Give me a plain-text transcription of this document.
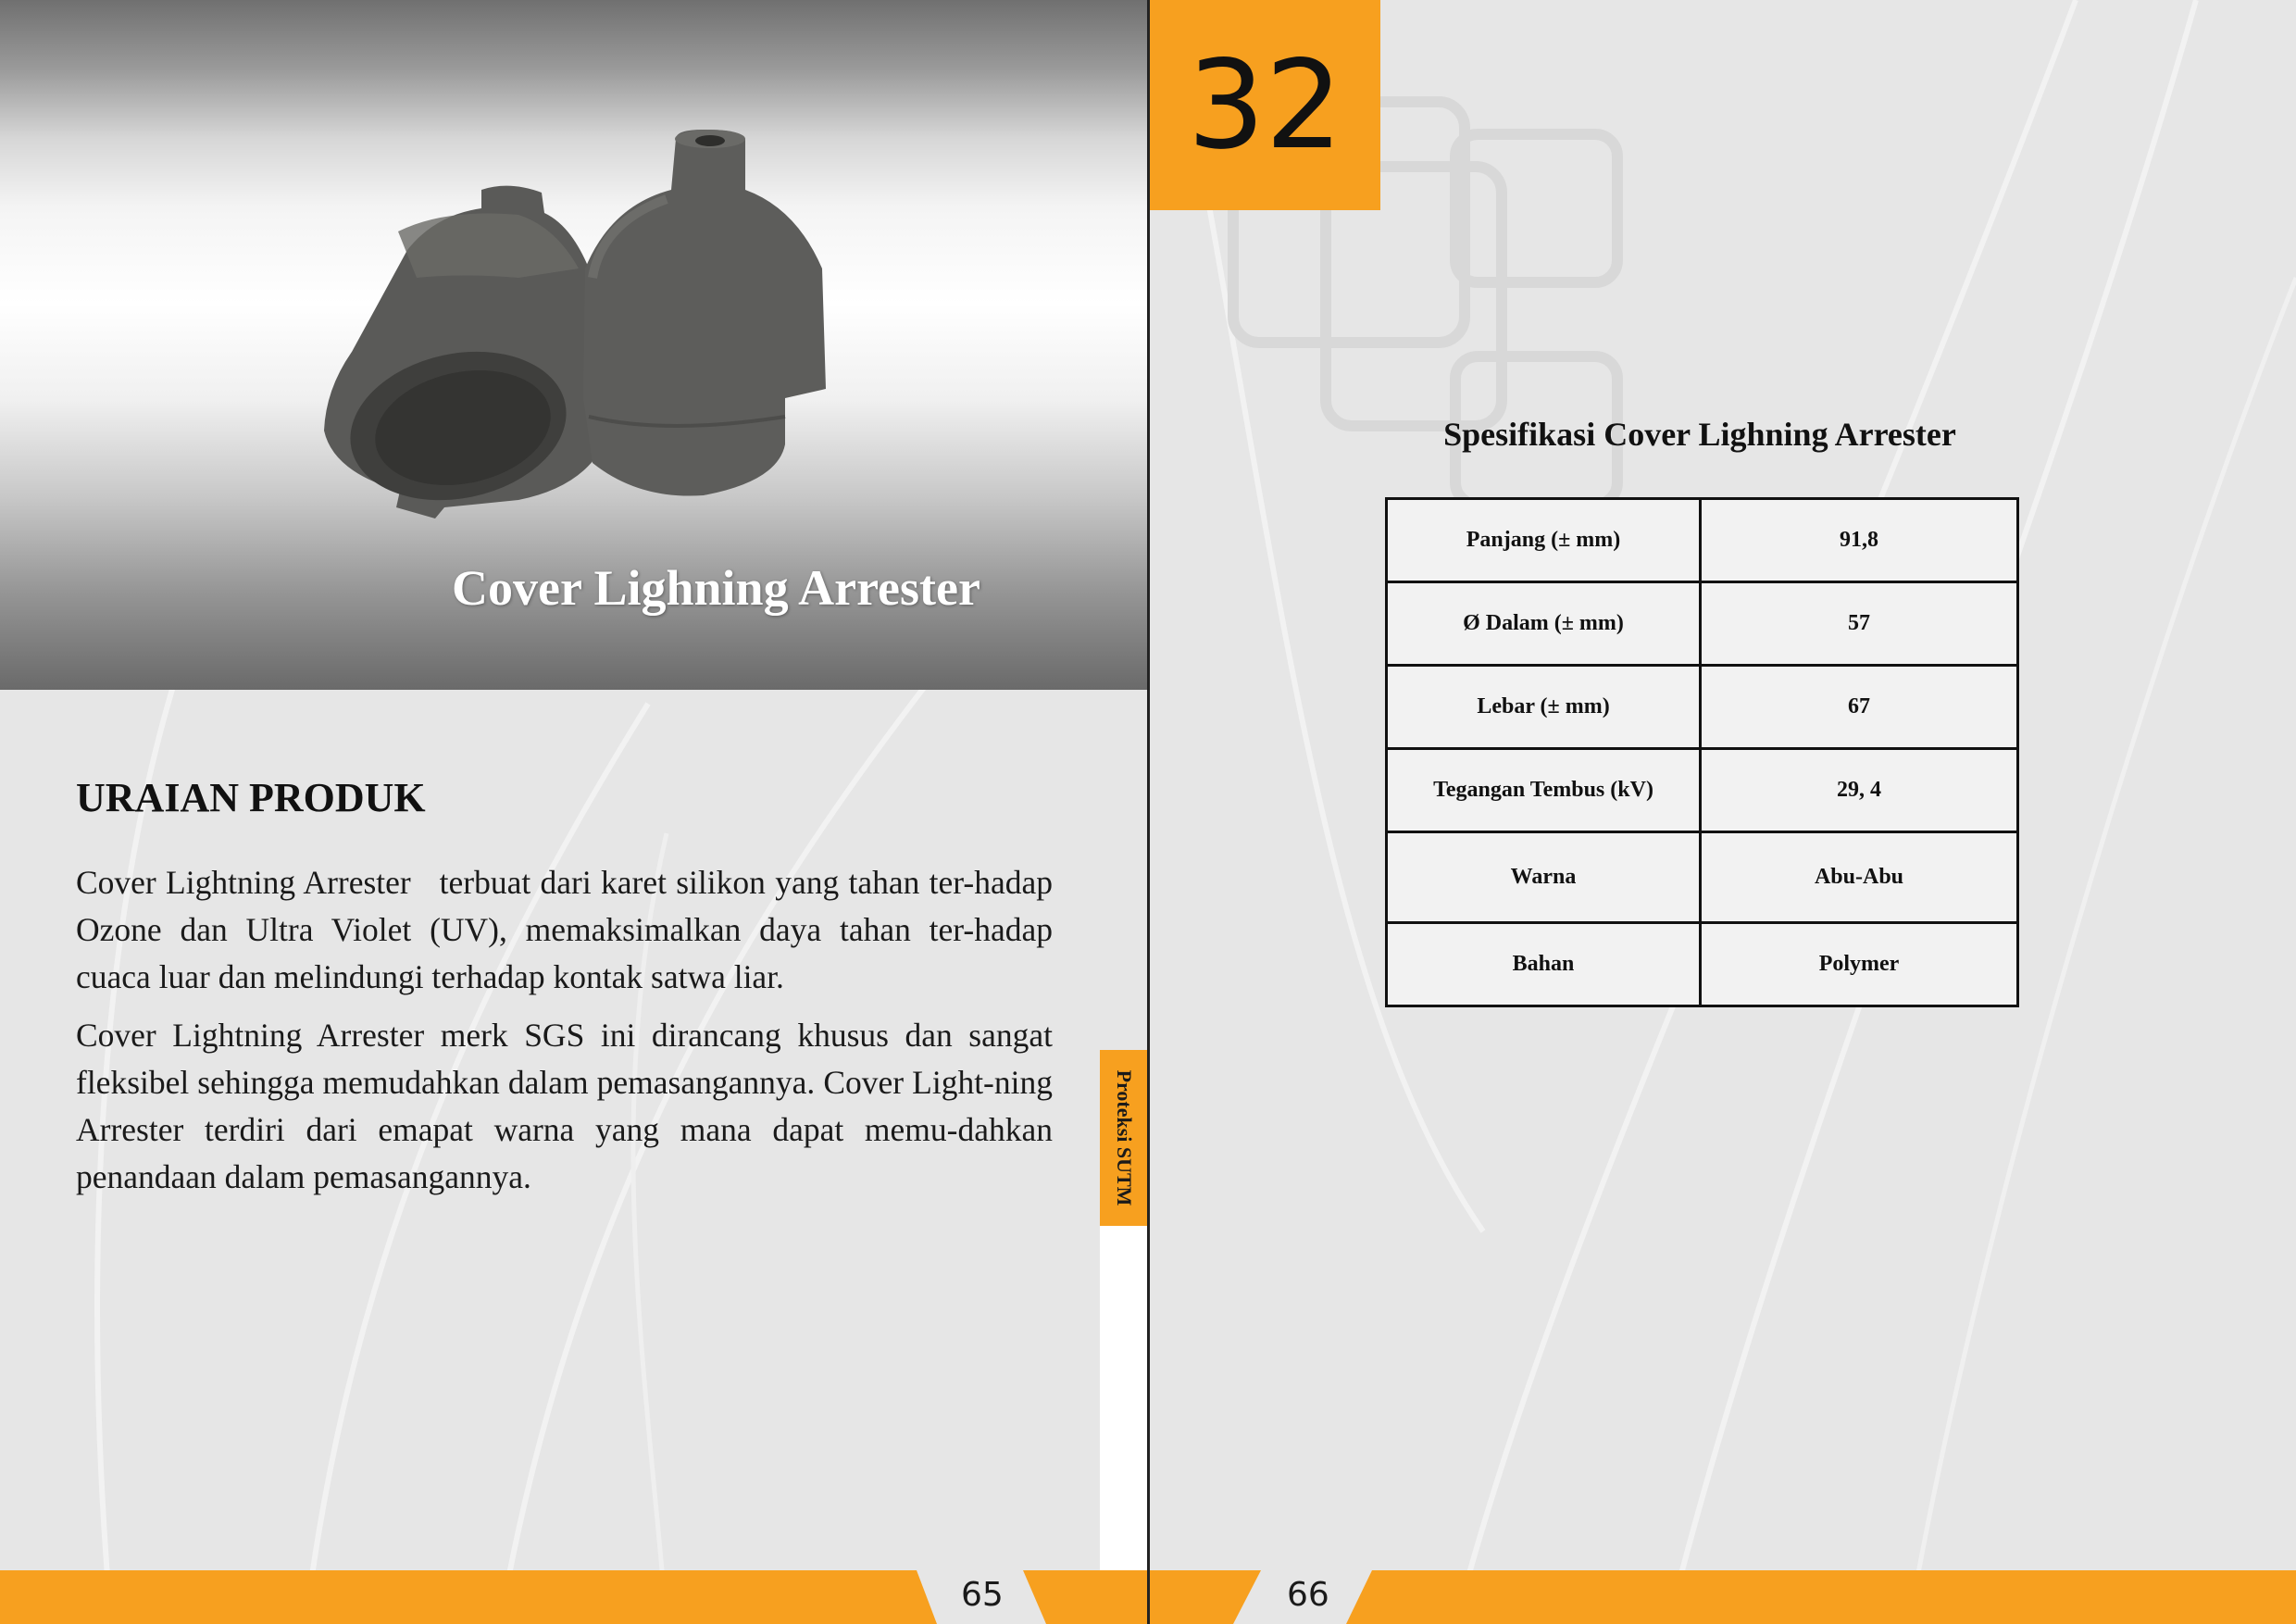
Cover Lighning Arrester
URAIAN PRODUK

Cover Lightning Arrester   terbuat dari karet silikon yang tahan ter-hadap Ozone dan Ultra Violet (UV), memaksimalkan daya tahan ter-hadap cuaca luar dan melindungi terhadap kontak satwa liar.

Cover Lightning Arrester merk SGS ini dirancang khusus dan sangat fleksibel sehingga memudahkan dalam pemasangannya. Cover Light-ning Arrester terdiri dari emapat warna yang mana dapat memu-dahkan penandaan dalam pemasangannya.	Proteksi SUTM
65	66
32
Spesifikasi Cover Lighning Arrester
Panjang (± mm)	91,8
Ø Dalam (± mm)	57
Lebar (± mm)	67
Tegangan Tembus (kV)	29, 4
Warna	Abu-Abu
Bahan	Polymer
